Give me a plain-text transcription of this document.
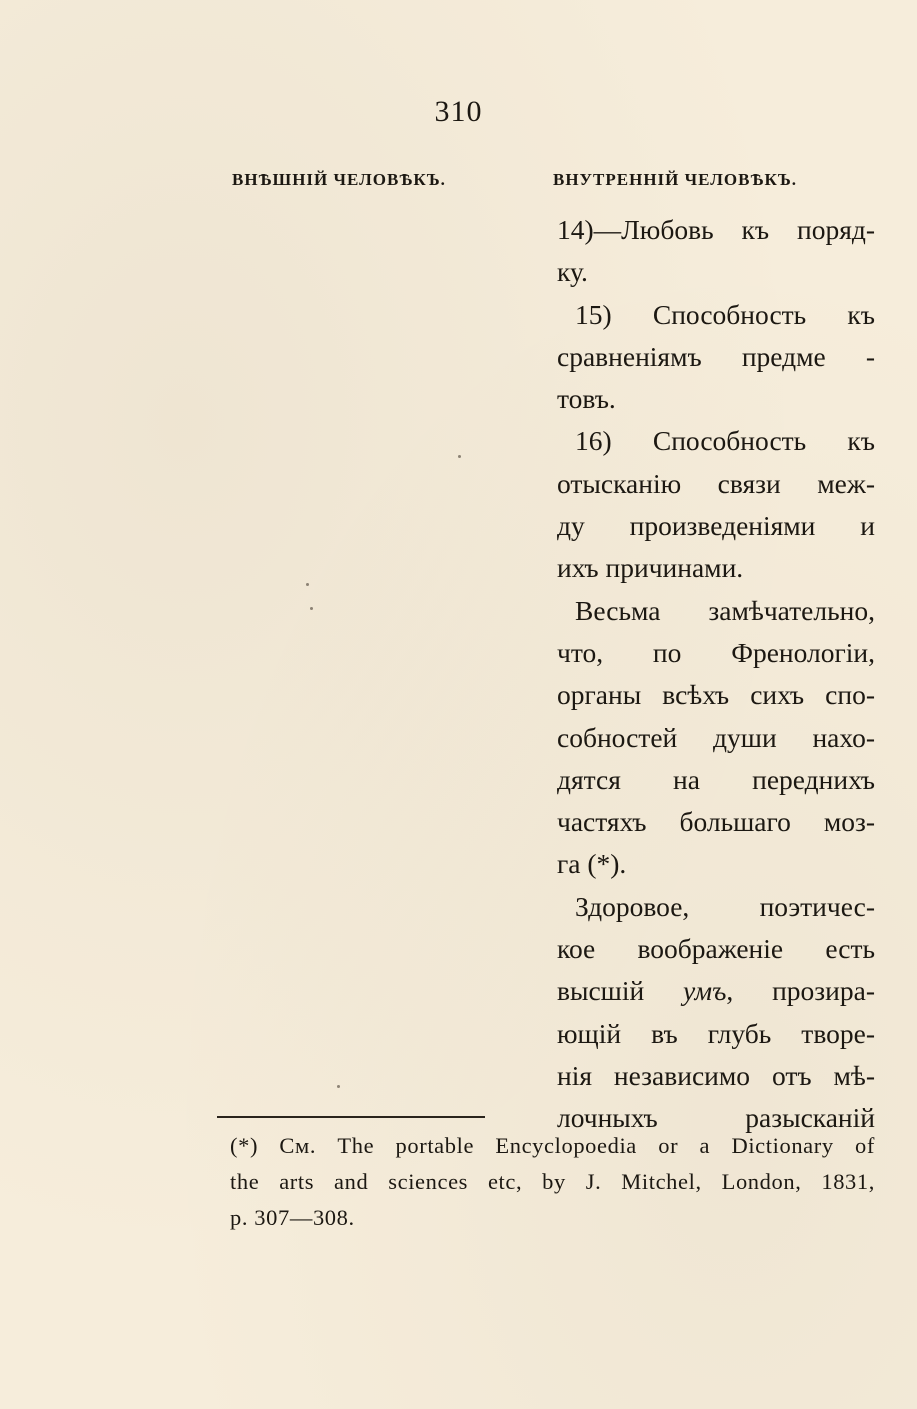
310
ВНѢШНІЙ ЧЕЛОВѢКЪ.	ВНУТРЕННІЙ ЧЕЛОВѢКЪ.
14)—Любовь къ поряд-
ку.
15) Способность къ
сравненіямъ предме -
товъ.
16) Способность къ
отысканію связи меж-
ду произведеніями и
ихъ причинами.
Весьма замѣчательно,
что, по Френологіи,
органы всѣхъ сихъ спо-
собностей души нахо-
дятся на переднихъ
частяхъ большаго моз-
га (*).
Здоровое, поэтичес-
кое воображеніе есть
высшій умъ, прозира-
ющій въ глубь творе-
нія независимо отъ мѣ-
лочныхъ разысканій
(*) См. The portable Encyclopoedia or a Dictionary of
the arts and sciences etc, by J. Mitchel, London, 1831,
p. 307—308.
